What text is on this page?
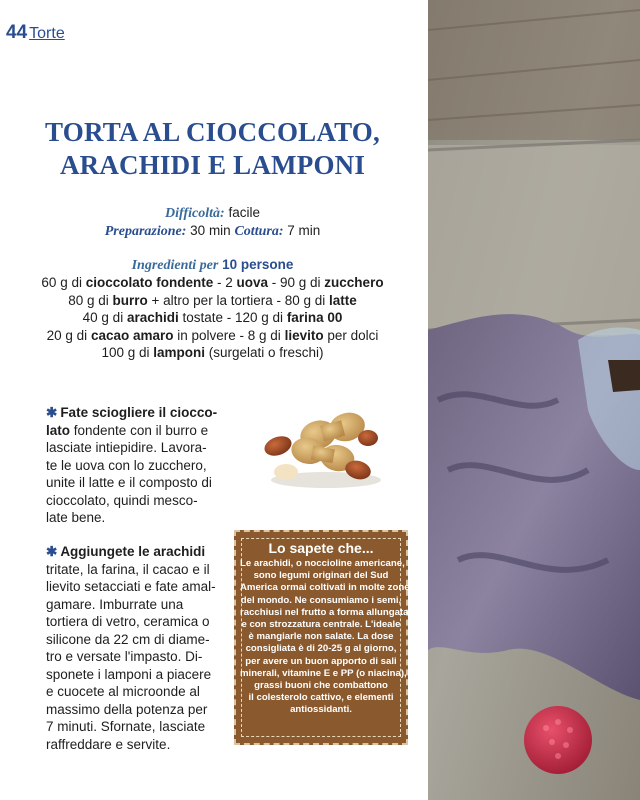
44 Torte
TORTA AL CIOCCOLATO,
ARACHIDI E LAMPONI
Difficoltà: facile
Preparazione: 30 min Cottura: 7 min
Ingredienti per 10 persone
60 g di cioccolato fondente - 2 uova - 90 g di zucchero
80 g di burro + altro per la tortiera - 80 g di latte
40 g di arachidi tostate - 120 g di farina 00
20 g di cacao amaro in polvere - 8 g di lievito per dolci
100 g di lamponi (surgelati o freschi)
✱ Fate sciogliere il ciocco-
lato fondente con il burro e
lasciate intiepidire. Lavora-
te le uova con lo zucchero,
unite il latte e il composto di
cioccolato, quindi mesco-
late bene.
✱ Aggiungete le arachidi
tritate, la farina, il cacao e il
lievito setacciati e fate amal-
gamare. Imburrate una
tortiera di vetro, ceramica o
silicone da 22 cm di diame-
tro e versate l'impasto. Di-
sponete i lamponi a piacere
e cuocete al microonde al
massimo della potenza per
7 minuti. Sfornate, lasciate
raffreddare e servite.
Lo sapete che...
Le arachidi, o noccioline americane,
sono legumi originari del Sud
America ormai coltivati in molte zone
del mondo. Ne consumiamo i semi,
racchiusi nel frutto a forma allungata
e con strozzatura centrale. L'ideale
è mangiarle non salate. La dose
consigliata è di 20-25 g al giorno,
per avere un buon apporto di sali
minerali, vitamine E e PP (o niacina),
grassi buoni che combattono
il colesterolo cattivo, e elementi
antiossidanti.
